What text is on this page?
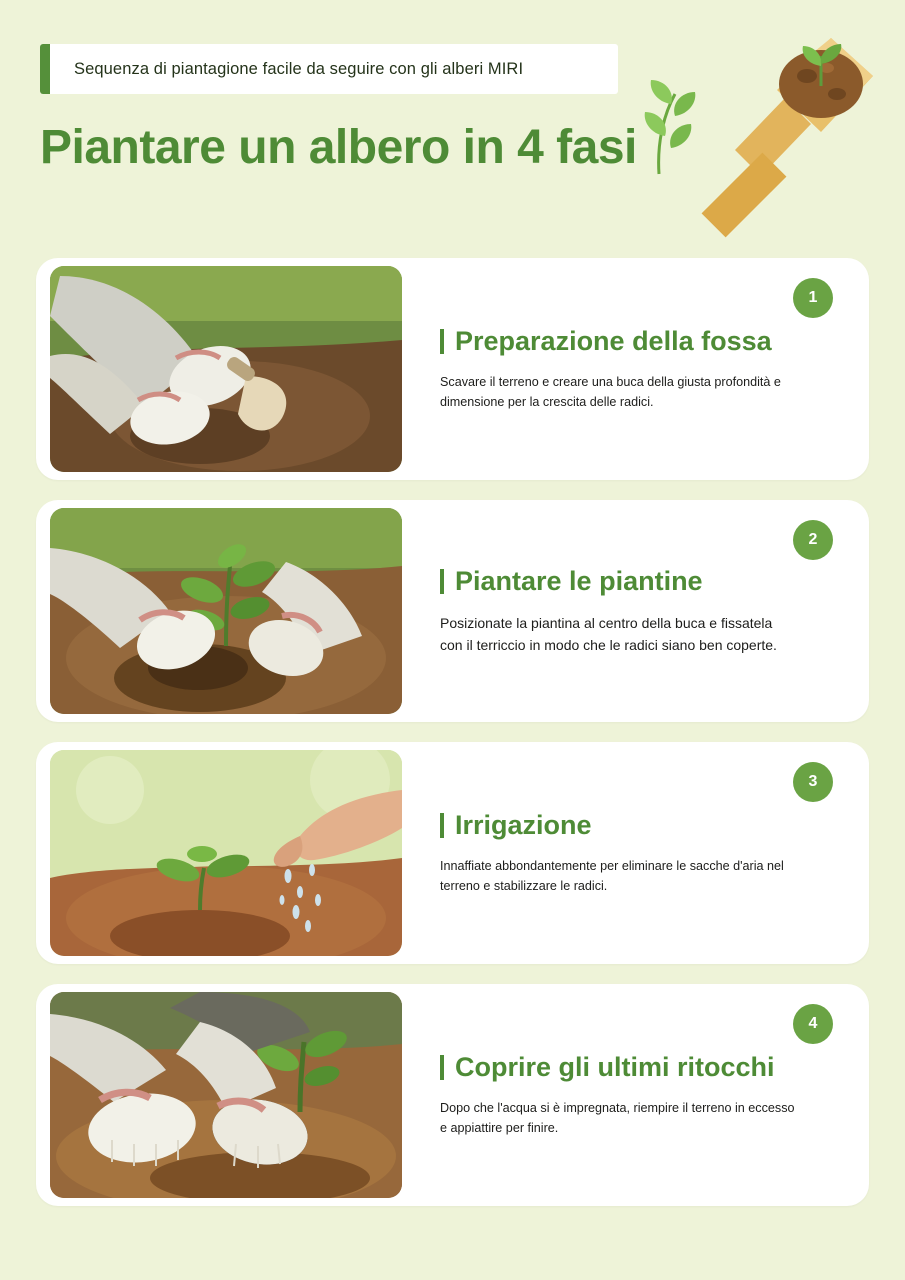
Sequenza di piantagione facile da seguire con gli alberi MIRI
Piantare un albero in 4 fasi
Preparazione della fossa
Scavare il terreno e creare una buca della giusta profondità e dimensione per la crescita delle radici.
1
Piantare le piantine
Posizionate la piantina al centro della buca e fissatela con il terriccio in modo che le radici siano ben coperte.
2
Irrigazione
Innaffiate abbondantemente per eliminare le sacche d'aria nel terreno e stabilizzare le radici.
3
Coprire gli ultimi ritocchi
Dopo che l'acqua si è impregnata, riempire il terreno in eccesso e appiattire per finire.
4
